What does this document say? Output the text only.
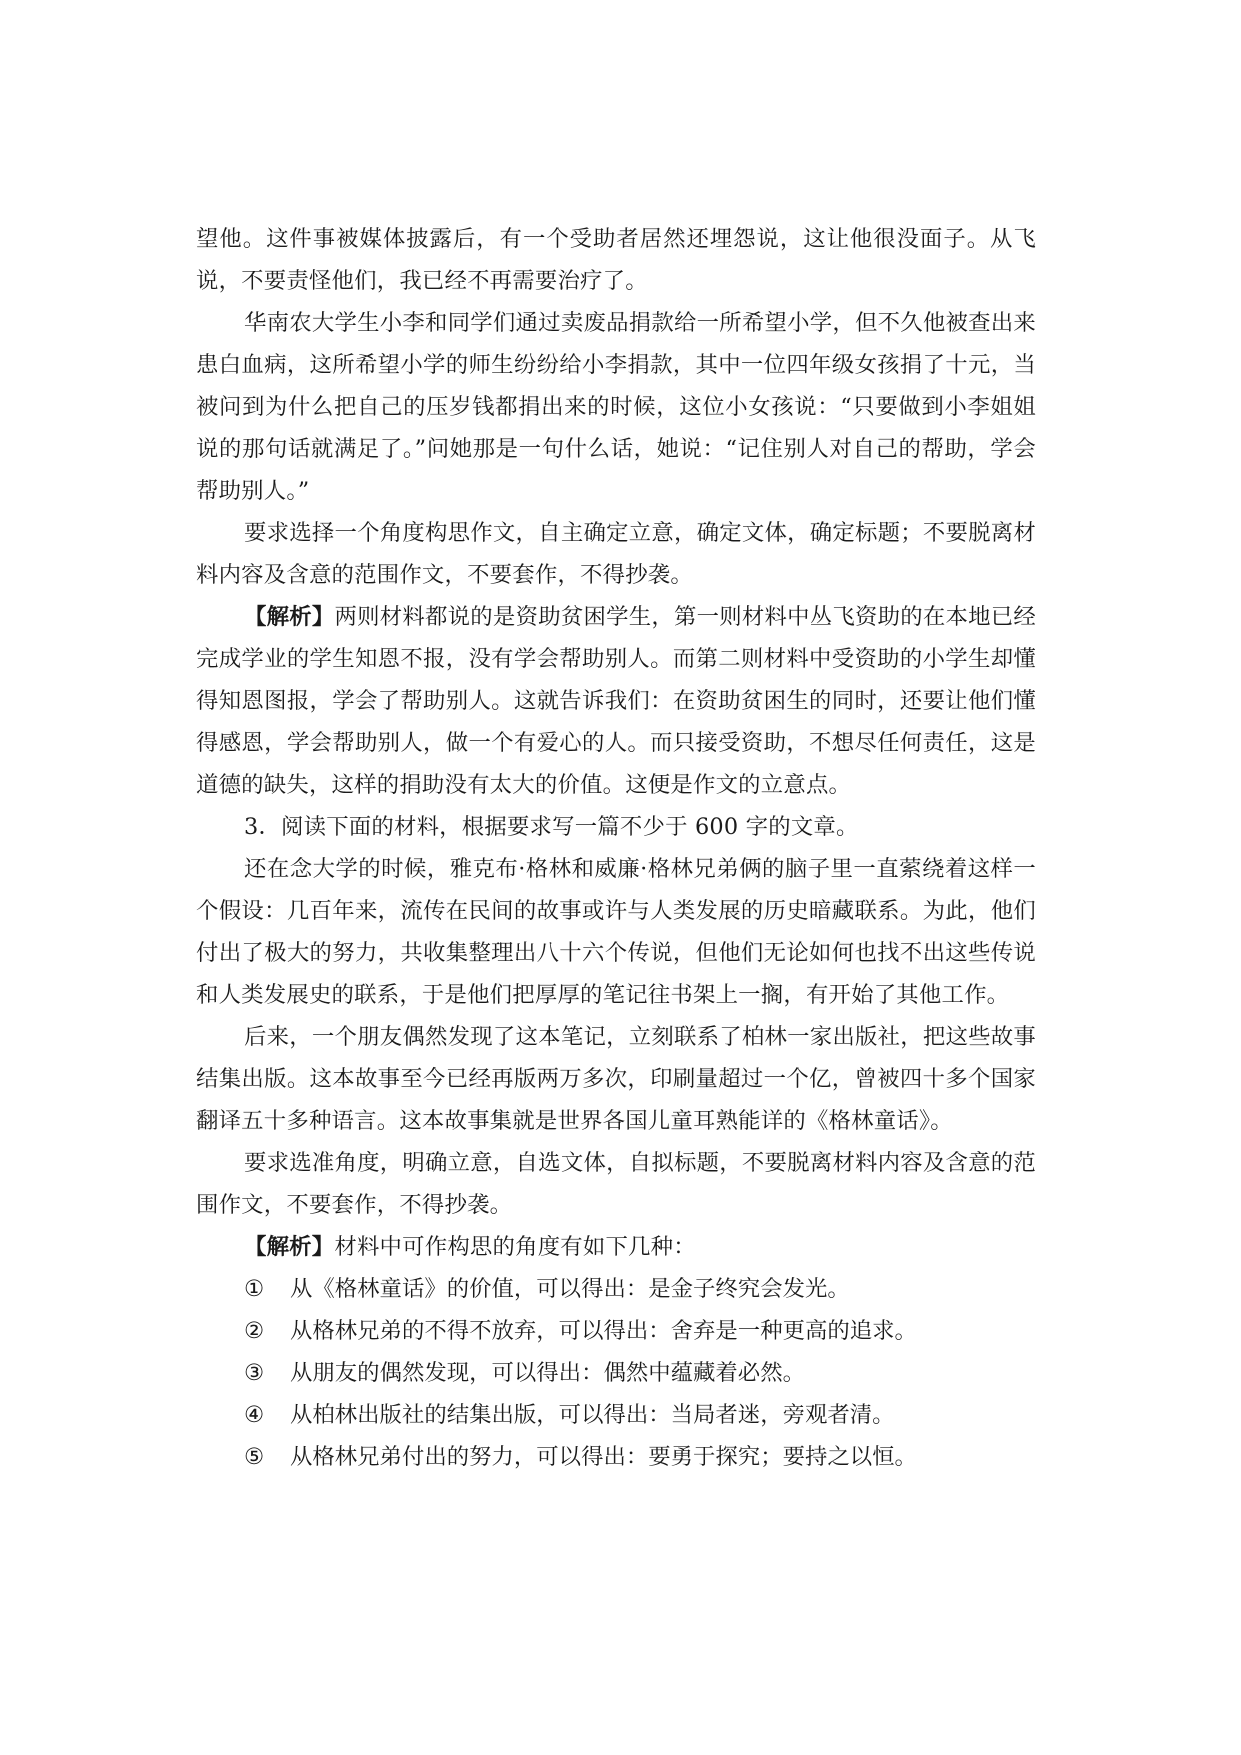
望他。这件事被媒体披露后，有一个受助者居然还埋怨说，这让他很没面子。从飞说，不要责怪他们，我已经不再需要治疗了。

华南农大学生小李和同学们通过卖废品捐款给一所希望小学，但不久他被查出来患白血病，这所希望小学的师生纷纷给小李捐款，其中一位四年级女孩捐了十元，当被问到为什么把自己的压岁钱都捐出来的时候，这位小女孩说：“只要做到小李姐姐说的那句话就满足了。”问她那是一句什么话，她说：“记住别人对自己的帮助，学会帮助别人。”

要求选择一个角度构思作文，自主确定立意，确定文体，确定标题；不要脱离材料内容及含意的范围作文，不要套作，不得抄袭。

【解析】两则材料都说的是资助贫困学生，第一则材料中丛飞资助的在本地已经完成学业的学生知恩不报，没有学会帮助别人。而第二则材料中受资助的小学生却懂得知恩图报，学会了帮助别人。这就告诉我们：在资助贫困生的同时，还要让他们懂得感恩，学会帮助别人，做一个有爱心的人。而只接受资助，不想尽任何责任，这是道德的缺失，这样的捐助没有太大的价值。这便是作文的立意点。

3．阅读下面的材料，根据要求写一篇不少于 600 字的文章。

还在念大学的时候，雅克布·格林和威廉·格林兄弟俩的脑子里一直萦绕着这样一个假设：几百年来，流传在民间的故事或许与人类发展的历史暗藏联系。为此，他们付出了极大的努力，共收集整理出八十六个传说，但他们无论如何也找不出这些传说和人类发展史的联系，于是他们把厚厚的笔记往书架上一搁，有开始了其他工作。

后来，一个朋友偶然发现了这本笔记，立刻联系了柏林一家出版社，把这些故事结集出版。这本故事至今已经再版两万多次，印刷量超过一个亿，曾被四十多个国家翻译五十多种语言。这本故事集就是世界各国儿童耳熟能详的《格林童话》。

要求选准角度，明确立意，自选文体，自拟标题，不要脱离材料内容及含意的范围作文，不要套作，不得抄袭。

【解析】材料中可作构思的角度有如下几种：

①	从《格林童话》的价值，可以得出：是金子终究会发光。
②	从格林兄弟的不得不放弃，可以得出：舍弃是一种更高的追求。
③	从朋友的偶然发现，可以得出：偶然中蕴藏着必然。
④	从柏林出版社的结集出版，可以得出：当局者迷，旁观者清。
⑤	从格林兄弟付出的努力，可以得出：要勇于探究；要持之以恒。
